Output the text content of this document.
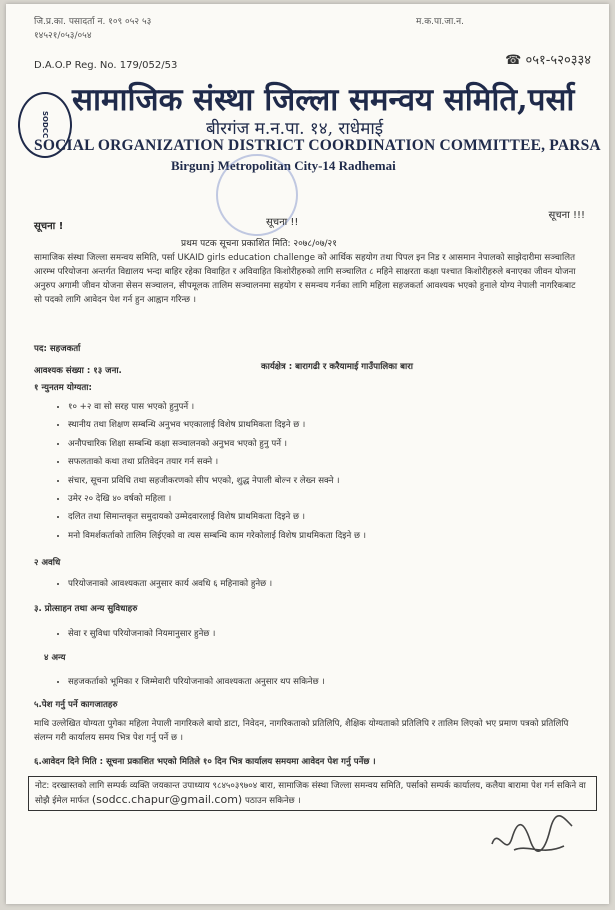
जि.प्र.का. पसादर्ता न. १०९ ०५२ ५३
१४५२१/०५३/०५४
D.A.O.P Reg. No. 179/052/53
म.क.पा.जा.न.
☎ ०५१-५२०३३४
SODCC
सामाजिक संस्था जिल्ला समन्वय समिति,पर्सा
बीरगंज म.न.पा. १४, राधेमाई
SOCIAL ORGANIZATION DISTRICT COORDINATION COMMITTEE, PARSA
Birgunj Metropolitan City-14 Radhemai
सूचना !	सूचना !!
सूचना !!!
प्रथम पटक सूचना प्रकाशित मिति: २०७८/०७/२१
सामाजिक संस्था जिल्ला समन्वय समिति, पर्सा UKAID girls education challenge को आर्थिक सहयोग तथा पिपल इन निड र आसमान नेपालको साझेदारीमा सञ्चालित आरम्भ परियोजना अन्तर्गत विद्यालय भन्दा बाहिर रहेका विवाहित र अविवाहित किशोरीहरुको लागि सञ्चालित ८ महिने साक्षरता कक्षा पश्चात किशोरीहरुले बनाएका जीवन योजना अनुरुप अगामी जीवन योजना सेसन सञ्चालन, सीपमूलक तालिम सञ्चालनमा सहयोग र समन्वय गर्नका लागि महिला सहजकर्ता आवश्यक भएको हुनाले योग्य नेपाली नागरिकबाट सो पदको लागि आवेदन पेश गर्न हुन आह्वान गरिन्छ ।
पद: सहजकर्ता
आवश्यक संख्या : १३ जना.	कार्यक्षेत्र : बारागढी र करैयामाई गाउँपालिका बारा
१ न्युनतम योग्यता:
• १० +२ वा सो सरह पास भएको हुनुपर्ने ।
• स्थानीय तथा शिक्षण सम्बन्धि अनुभव भएकालाई विशेष प्राथमिकता दिइने छ ।
• अनौपचारिक शिक्षा सम्बन्धि कक्षा सञ्चालनको अनुभव भएको हुनु पर्ने ।
• सफलताको कथा तथा प्रतिवेदन तयार गर्न सक्ने ।
• संचार, सूचना प्रविधि तथा सहजीकरणको सीप भएको, शुद्ध नेपाली बोल्न र लेख्न सक्ने ।
• उमेर २० देखि ४० वर्षको महिला ।
• दलित तथा सिमान्तकृत समुदायको उम्मेदवारलाई विशेष प्राथमिकता दिइने छ ।
• मनो विमर्शकर्ताको तालिम लिईएको वा त्यस सम्बन्धि काम गरेकोलाई विशेष प्राथमिकता दिइने छ ।
२ अवधि
• परियोजनाको आवश्यकता अनुसार कार्य अवधि ६ महिनाको हुनेछ ।
३. प्रोत्साहन तथा अन्य सुविधाहरु
• सेवा र सुविधा परियोजनाको नियमानुसार हुनेछ ।
४ अन्य
• सहजकर्ताको भूमिका र जिम्मेवारी परियोजनाको आवश्यकता अनुसार थप सकिनेछ ।
५.पेश गर्नु पर्ने कागजातहरु
माथि उल्लेखित योग्यता पुगेका महिला नेपाली नागरिकले बायो डाटा, निवेदन, नागरिकताको प्रतिलिपि, शैक्षिक योग्यताको प्रतिलिपि र तालिम लिएको भए प्रमाण पत्रको प्रतिलिपि संलग्न गरी कार्यालय समय भित्र पेश गर्नु पर्ने छ ।
६.आवेदन दिने मिति : सूचना प्रकाशित भएको मितिले १० दिन भित्र कार्यालय समयमा आवेदन पेश गर्नु पर्नेछ ।
नोट: दरखास्तको लागि सम्पर्क व्यक्ति जयकान्त उपाध्याय ९८४५०३९७०४ बारा, सामाजिक संस्था जिल्ला समन्वय समिति, पर्साको सम्पर्क कार्यालय, कलैया बारामा पेश गर्न सकिने वा सोझै ईमेल मार्फत (sodcc.chapur@gmail.com) पठाउन सकिनेछ ।
